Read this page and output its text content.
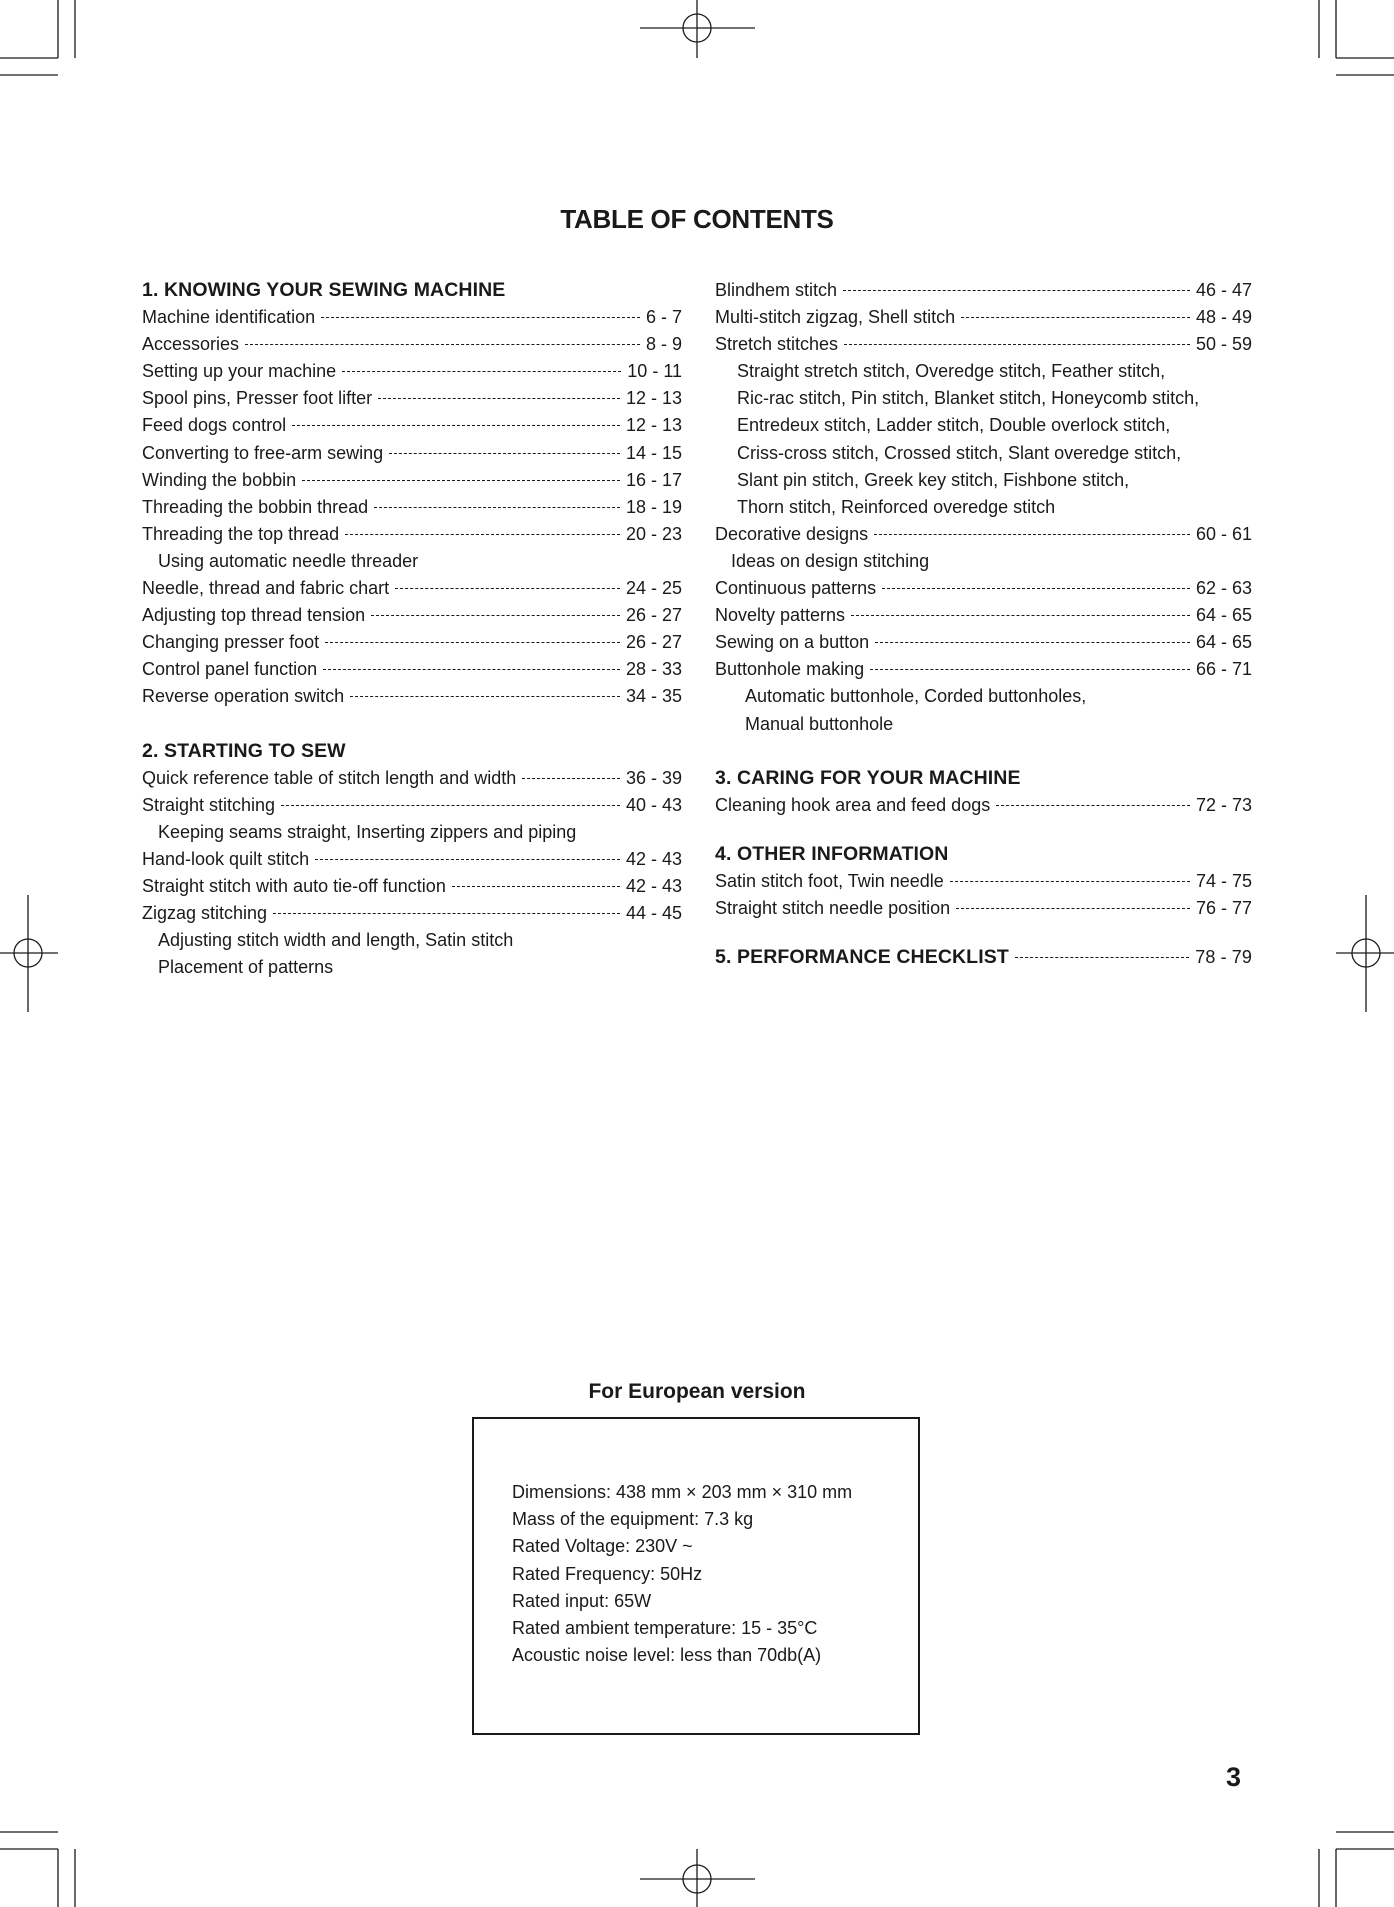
TABLE OF CONTENTS
1. KNOWING YOUR SEWING MACHINE
Machine identification	6 - 7
Accessories	8 - 9
Setting up your machine	10 - 11
Spool pins, Presser foot lifter	12 - 13
Feed dogs control	12 - 13
Converting to free-arm sewing	14 - 15
Winding the bobbin	16 - 17
Threading the bobbin thread	18 - 19
Threading the top thread	20 - 23
Using automatic needle threader
Needle, thread and fabric chart	24 - 25
Adjusting top thread tension	26 - 27
Changing presser foot	26 - 27
Control panel function	28 - 33
Reverse operation switch	34 - 35
2. STARTING TO SEW
Quick reference table of stitch length and width	36 - 39
Straight stitching	40 - 43
Keeping seams straight, Inserting zippers and piping
Hand-look quilt stitch	42 - 43
Straight stitch with auto tie-off function	42 - 43
Zigzag stitching	44 - 45
Adjusting stitch width and length, Satin stitch
Placement of patterns
Blindhem stitch	46 - 47
Multi-stitch zigzag, Shell stitch	48 - 49
Stretch stitches	50 - 59
Straight stretch stitch, Overedge stitch, Feather stitch,
Ric-rac stitch, Pin stitch, Blanket stitch, Honeycomb stitch,
Entredeux stitch, Ladder stitch, Double overlock stitch,
Criss-cross stitch, Crossed stitch, Slant overedge stitch,
Slant pin stitch, Greek key stitch, Fishbone stitch,
Thorn stitch, Reinforced overedge stitch
Decorative designs	60 - 61
Ideas on design stitching
Continuous patterns	62 - 63
Novelty patterns	64 - 65
Sewing on a button	64 - 65
Buttonhole making	66 - 71
Automatic buttonhole, Corded buttonholes,
Manual buttonhole
3. CARING FOR YOUR MACHINE
Cleaning hook area and feed dogs	72 - 73
4. OTHER INFORMATION
Satin stitch foot, Twin needle	74 - 75
Straight stitch needle position	76 - 77
5. PERFORMANCE CHECKLIST	78 - 79
For European version
Dimensions: 438 mm × 203 mm × 310 mm
Mass of the equipment: 7.3 kg
Rated Voltage: 230V ~
Rated Frequency: 50Hz
Rated input: 65W
Rated ambient temperature: 15 - 35°C
Acoustic noise level: less than 70db(A)
3
